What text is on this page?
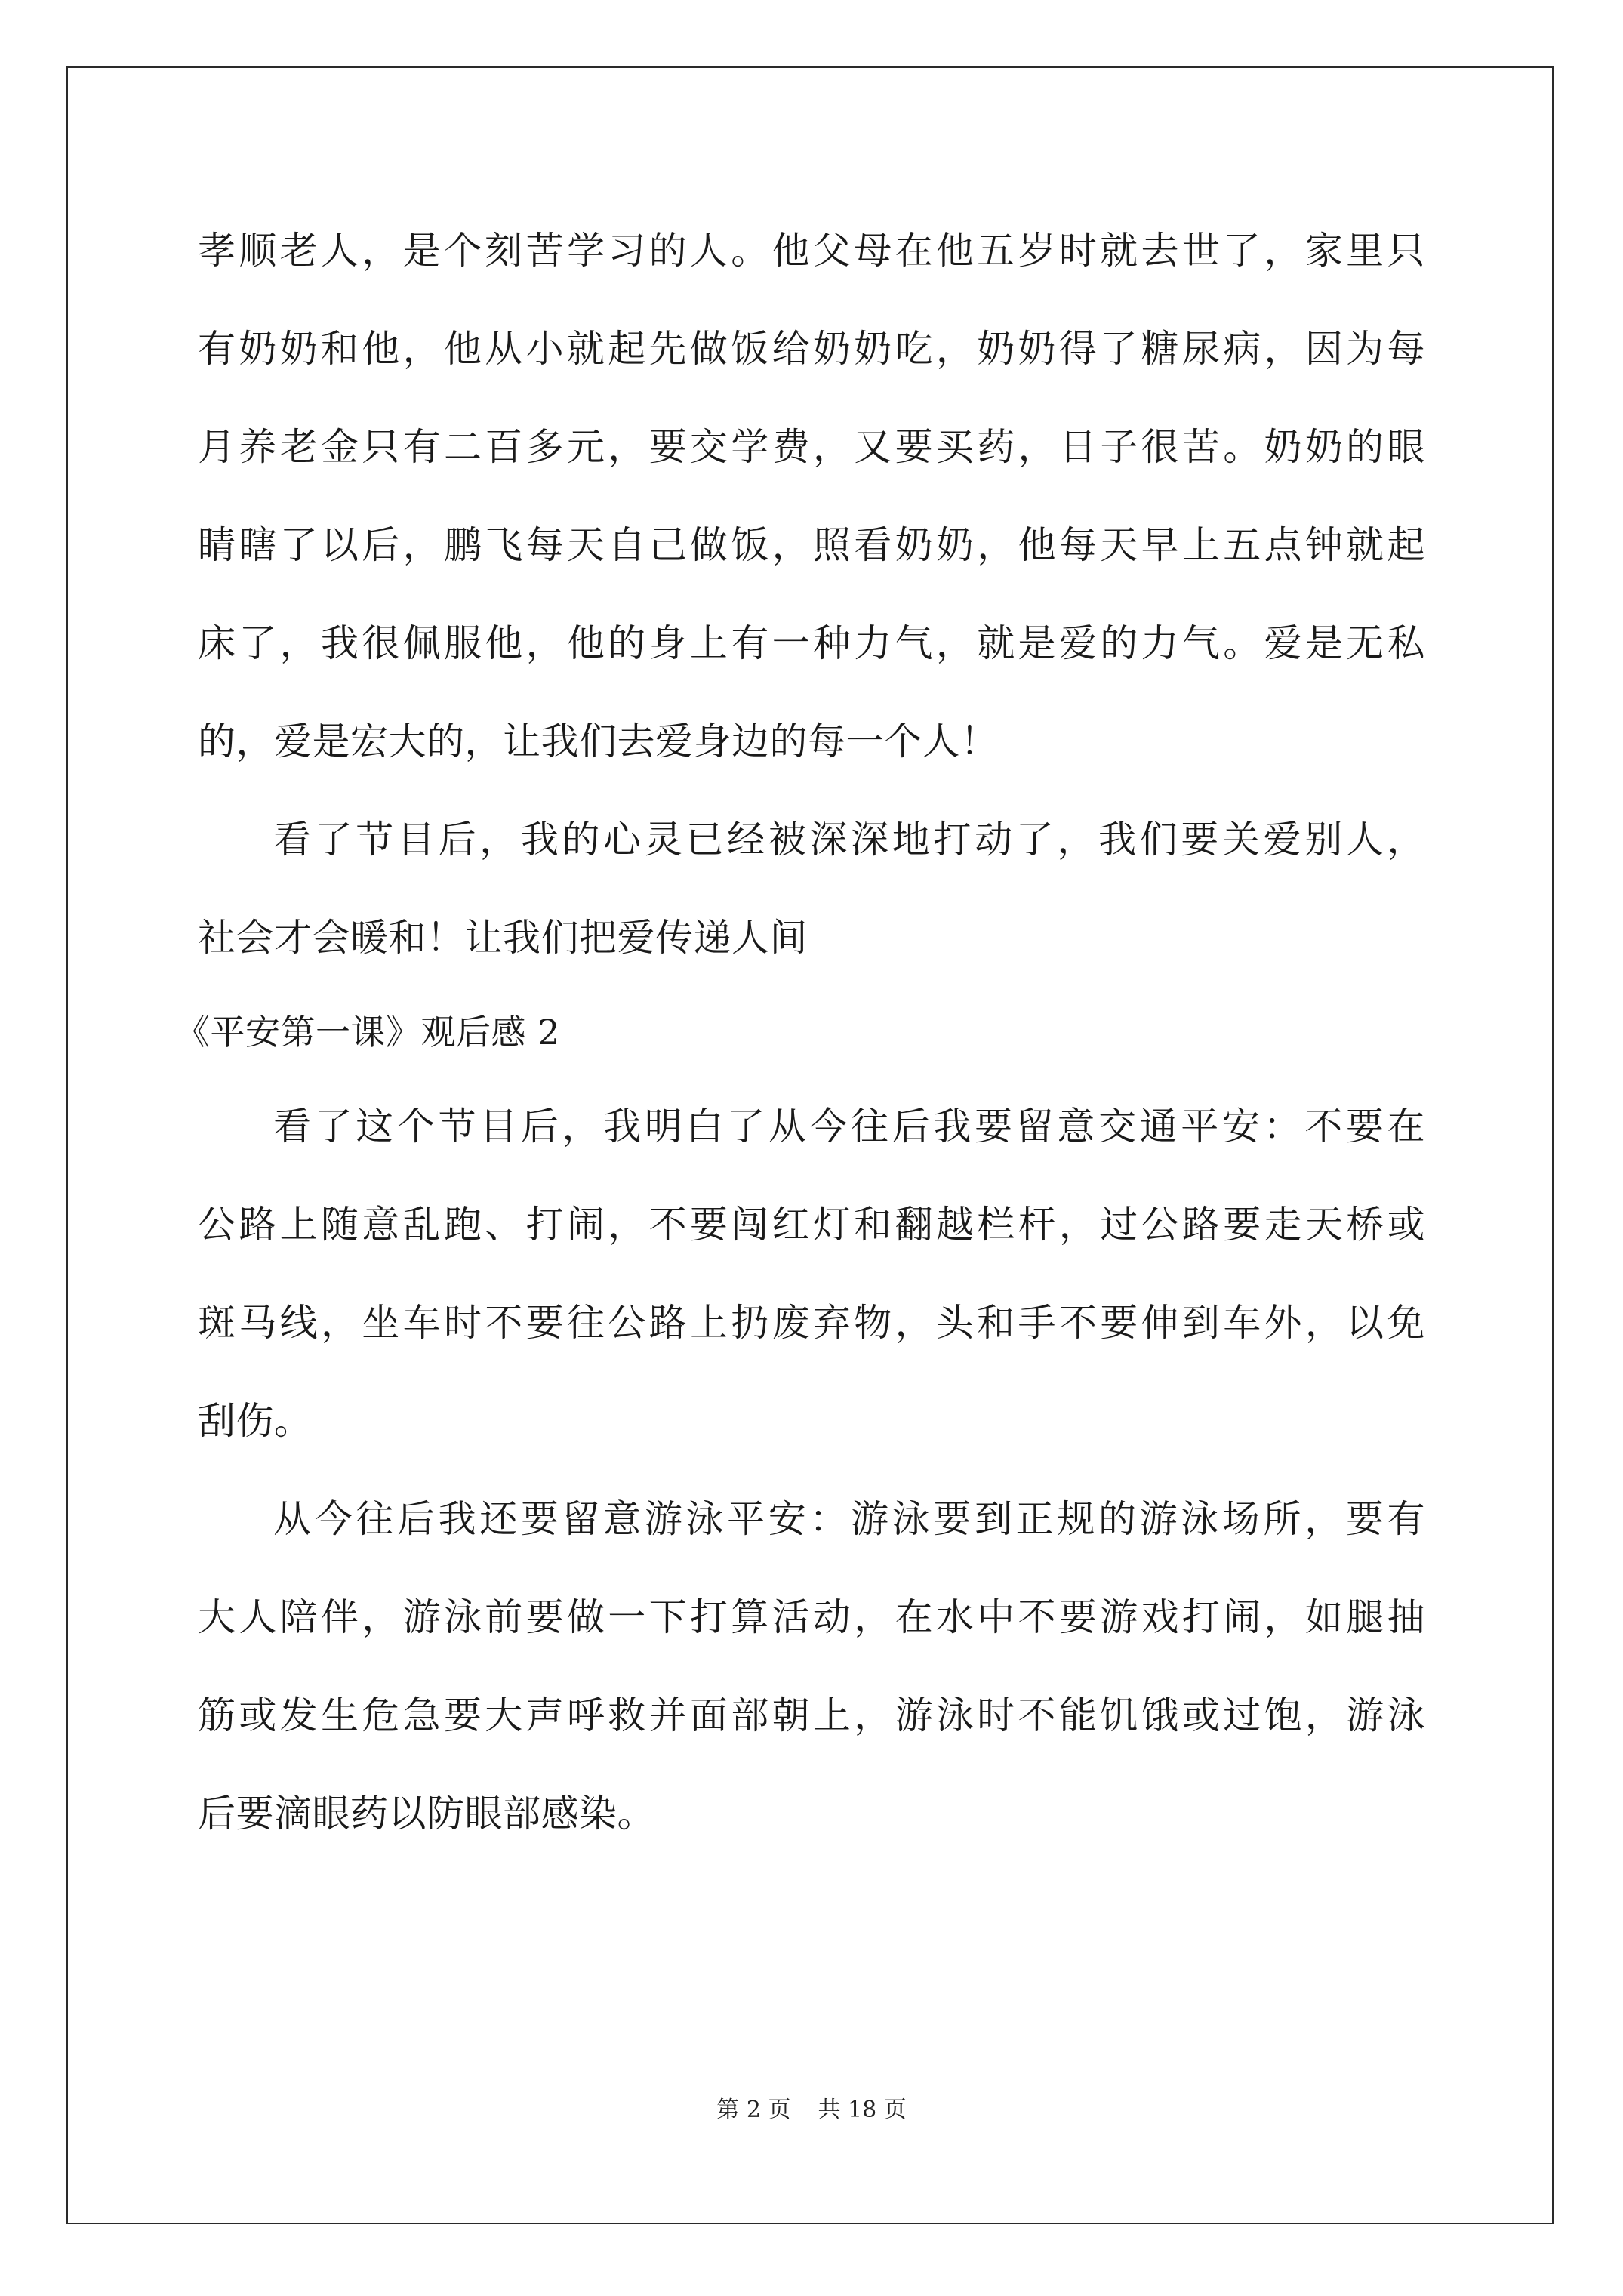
孝顺老人，是个刻苦学习的人。他父母在他五岁时就去世了，家里只
有奶奶和他，他从小就起先做饭给奶奶吃，奶奶得了糖尿病，因为每
月养老金只有二百多元，要交学费，又要买药，日子很苦。奶奶的眼
睛瞎了以后，鹏飞每天自己做饭，照看奶奶，他每天早上五点钟就起
床了，我很佩服他，他的身上有一种力气，就是爱的力气。爱是无私
的，爱是宏大的，让我们去爱身边的每一个人！
看了节目后，我的心灵已经被深深地打动了，我们要关爱别人，
社会才会暖和！让我们把爱传递人间
《平安第一课》观后感 2
看了这个节目后，我明白了从今往后我要留意交通平安：不要在
公路上随意乱跑、打闹，不要闯红灯和翻越栏杆，过公路要走天桥或
斑马线，坐车时不要往公路上扔废弃物，头和手不要伸到车外，以免
刮伤。
从今往后我还要留意游泳平安：游泳要到正规的游泳场所，要有
大人陪伴，游泳前要做一下打算活动，在水中不要游戏打闹，如腿抽
筋或发生危急要大声呼救并面部朝上，游泳时不能饥饿或过饱，游泳
后要滴眼药以防眼部感染。
第 2 页 共 18 页
